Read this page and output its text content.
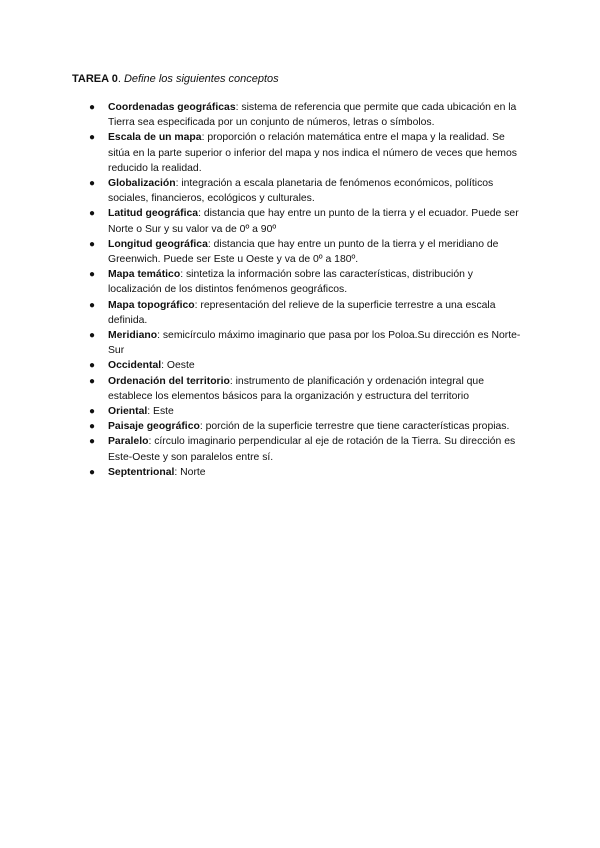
TAREA 0. Define los siguientes conceptos
● Coordenadas geográficas: sistema de referencia que permite que cada ubicación en la Tierra sea especificada por un conjunto de números, letras o símbolos.
● Escala de un mapa: proporción o relación matemática entre el mapa y la realidad. Se sitúa en la parte superior o inferior del mapa y nos indica el número de veces que hemos reducido la realidad.
● Globalización: integración a escala planetaria de fenómenos económicos, políticos sociales, financieros, ecológicos y culturales.
● Latitud geográfica: distancia que hay entre un punto de la tierra y el ecuador. Puede ser Norte o Sur y su valor va de 0º a 90º
● Longitud geográfica: distancia que hay entre un punto de la tierra y el meridiano de Greenwich. Puede ser Este u Oeste y va de 0º a 180º.
● Mapa temático: sintetiza la información sobre las características, distribución y localización de los distintos fenómenos geográficos.
● Mapa topográfico: representación del relieve de la superficie terrestre a una escala definida.
● Meridiano: semicírculo máximo imaginario que pasa por los Poloa.Su dirección es Norte-Sur
● Occidental: Oeste
● Ordenación del territorio: instrumento de planificación y ordenación integral que establece los elementos básicos para la organización y estructura del territorio
● Oriental: Este
● Paisaje geográfico: porción de la superficie terrestre que tiene características propias.
● Paralelo: círculo imaginario perpendicular al eje de rotación de la Tierra. Su dirección es Este-Oeste y son paralelos entre sí.
● Septentrional: Norte
